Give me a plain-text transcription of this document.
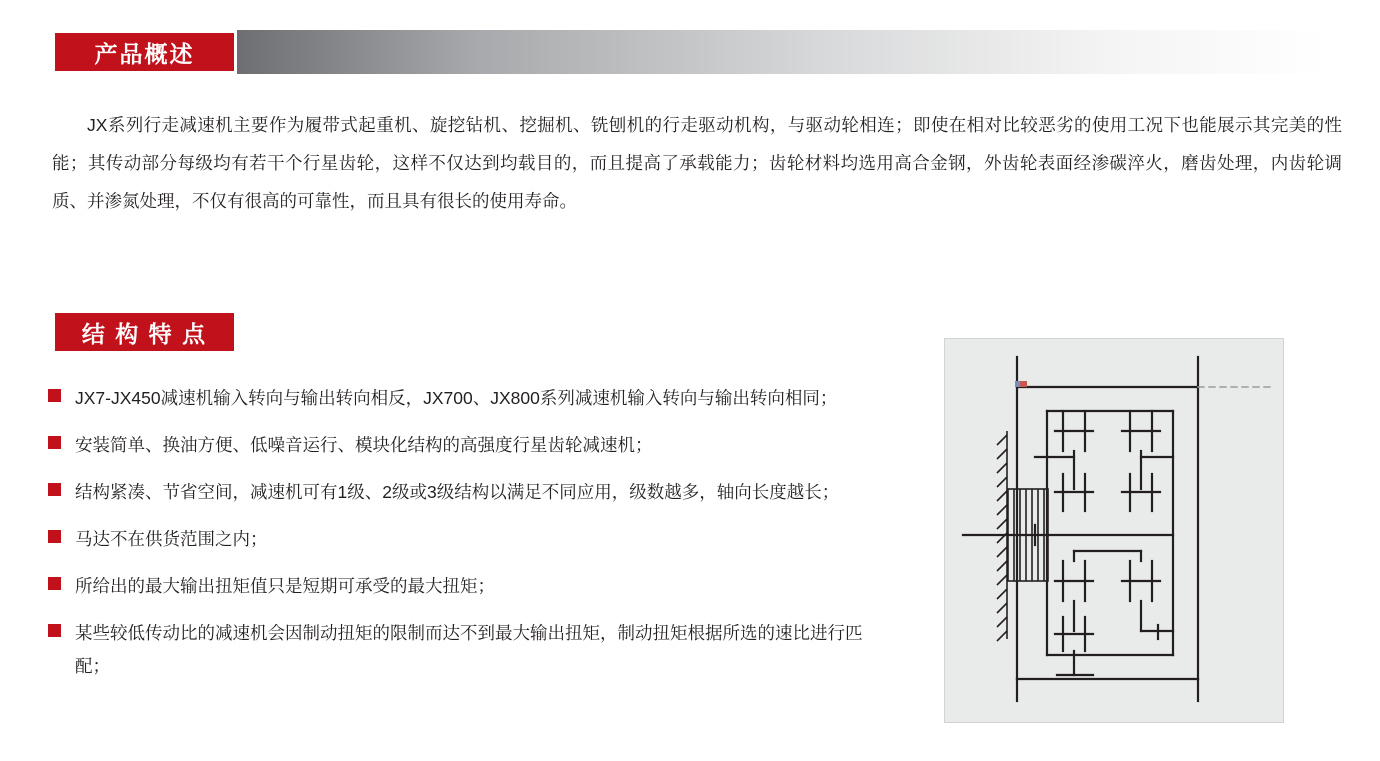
产品概述
JX系列行走减速机主要作为履带式起重机、旋挖钻机、挖掘机、铣刨机的行走驱动机构，与驱动轮相连；即使在相对比较恶劣的使用工况下也能展示其完美的性能；其传动部分每级均有若干个行星齿轮，这样不仅达到均载目的，而且提高了承载能力；齿轮材料均选用高合金钢，外齿轮表面经渗碳淬火，磨齿处理，内齿轮调质、并渗氮处理，不仅有很高的可靠性，而且具有很长的使用寿命。
结 构 特 点
JX7-JX450减速机输入转向与输出转向相反，JX700、JX800系列减速机输入转向与输出转向相同；
安装简单、换油方便、低噪音运行、模块化结构的高强度行星齿轮减速机；
结构紧凑、节省空间，减速机可有1级、2级或3级结构以满足不同应用，级数越多，轴向长度越长；
马达不在供货范围之内；
所给出的最大输出扭矩值只是短期可承受的最大扭矩；
某些较低传动比的减速机会因制动扭矩的限制而达不到最大输出扭矩，制动扭矩根据所选的速比进行匹配；
